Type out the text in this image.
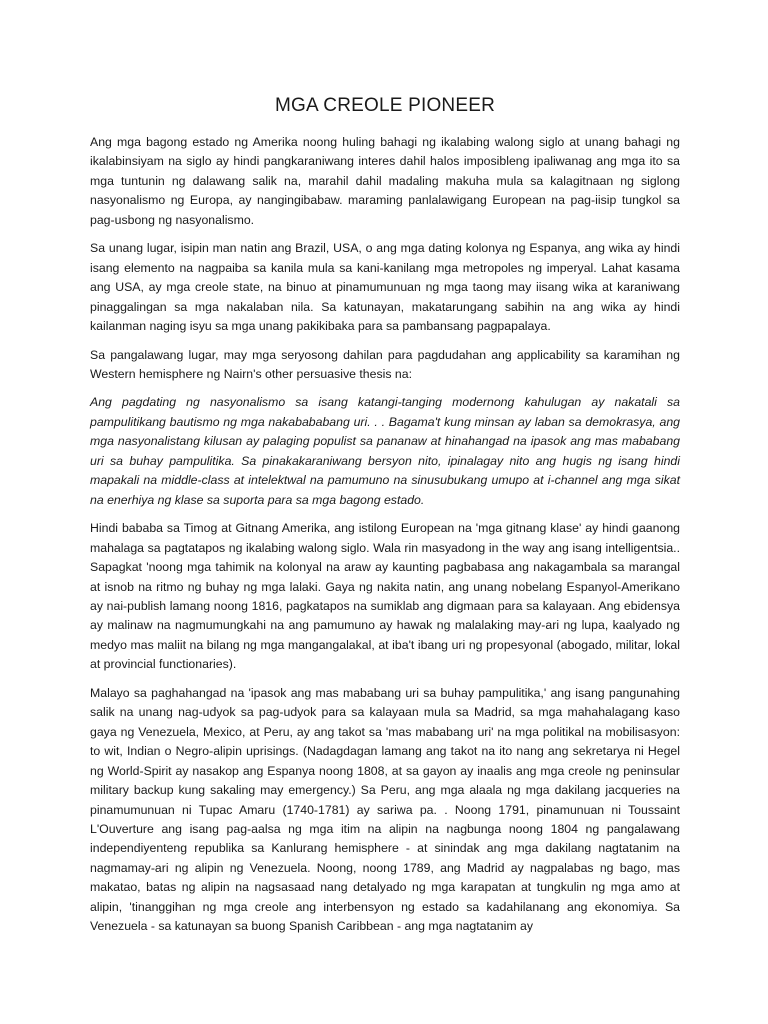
MGA CREOLE PIONEER

Ang mga bagong estado ng Amerika noong huling bahagi ng ikalabing walong siglo at unang bahagi ng ikalabinsiyam na siglo ay hindi pangkaraniwang interes dahil halos imposibleng ipaliwanag ang mga ito sa mga tuntunin ng dalawang salik na, marahil dahil madaling makuha mula sa kalagitnaan ng siglong nasyonalismo ng Europa, ay nangingibabaw. maraming panlalawigang European na pag-iisip tungkol sa pag-usbong ng nasyonalismo.

Sa unang lugar, isipin man natin ang Brazil, USA, o ang mga dating kolonya ng Espanya, ang wika ay hindi isang elemento na nagpaiba sa kanila mula sa kani-kanilang mga metropoles ng imperyal. Lahat kasama ang USA, ay mga creole state, na binuo at pinamumunuan ng mga taong may iisang wika at karaniwang pinaggalingan sa mga nakalaban nila. Sa katunayan, makatarungang sabihin na ang wika ay hindi kailanman naging isyu sa mga unang pakikibaka para sa pambansang pagpapalaya.

Sa pangalawang lugar, may mga seryosong dahilan para pagdudahan ang applicability sa karamihan ng Western hemisphere ng Nairn's other persuasive thesis na:

Ang pagdating ng nasyonalismo sa isang katangi-tanging modernong kahulugan ay nakatali sa pampulitikang bautismo ng mga nakabababang uri. . . Bagama't kung minsan ay laban sa demokrasya, ang mga nasyonalistang kilusan ay palaging populist sa pananaw at hinahangad na ipasok ang mas mababang uri sa buhay pampulitika. Sa pinakakaraniwang bersyon nito, ipinalagay nito ang hugis ng isang hindi mapakali na middle-class at intelektwal na pamumuno na sinusubukang umupo at i-channel ang mga sikat na enerhiya ng klase sa suporta para sa mga bagong estado.

Hindi bababa sa Timog at Gitnang Amerika, ang istilong European na 'mga gitnang klase' ay hindi gaanong mahalaga sa pagtatapos ng ikalabing walong siglo. Wala rin masyadong in the way ang isang intelligentsia.. Sapagkat 'noong mga tahimik na kolonyal na araw ay kaunting pagbabasa ang nakagambala sa marangal at isnob na ritmo ng buhay ng mga lalaki. Gaya ng nakita natin, ang unang nobelang Espanyol-Amerikano ay nai-publish lamang noong 1816, pagkatapos na sumiklab ang digmaan para sa kalayaan. Ang ebidensya ay malinaw na nagmumungkahi na ang pamumuno ay hawak ng malalaking may-ari ng lupa, kaalyado ng medyo mas maliit na bilang ng mga mangangalakal, at iba't ibang uri ng propesyonal (abogado, militar, lokal at provincial functionaries).

Malayo sa paghahangad na 'ipasok ang mas mababang uri sa buhay pampulitika,' ang isang pangunahing salik na unang nag-udyok sa pag-udyok para sa kalayaan mula sa Madrid, sa mga mahahalagang kaso gaya ng Venezuela, Mexico, at Peru, ay ang takot sa 'mas mababang uri' na mga politikal na mobilisasyon: to wit, Indian o Negro-alipin uprisings. (Nadagdagan lamang ang takot na ito nang ang sekretarya ni Hegel ng World-Spirit ay nasakop ang Espanya noong 1808, at sa gayon ay inaalis ang mga creole ng peninsular military backup kung sakaling may emergency.) Sa Peru, ang mga alaala ng mga dakilang jacqueries na pinamumunuan ni Tupac Amaru (1740-1781) ay sariwa pa. . Noong 1791, pinamunuan ni Toussaint L'Ouverture ang isang pag-aalsa ng mga itim na alipin na nagbunga noong 1804 ng pangalawang independiyenteng republika sa Kanlurang hemisphere - at sinindak ang mga dakilang nagtatanim na nagmamay-ari ng alipin ng Venezuela. Noong, noong 1789, ang Madrid ay nagpalabas ng bago, mas makatao, batas ng alipin na nagsasaad nang detalyado ng mga karapatan at tungkulin ng mga amo at alipin, 'tinanggihan ng mga creole ang interbensyon ng estado sa kadahilanang ang ekonomiya. Sa Venezuela - sa katunayan sa buong Spanish Caribbean - ang mga nagtatanim ay
